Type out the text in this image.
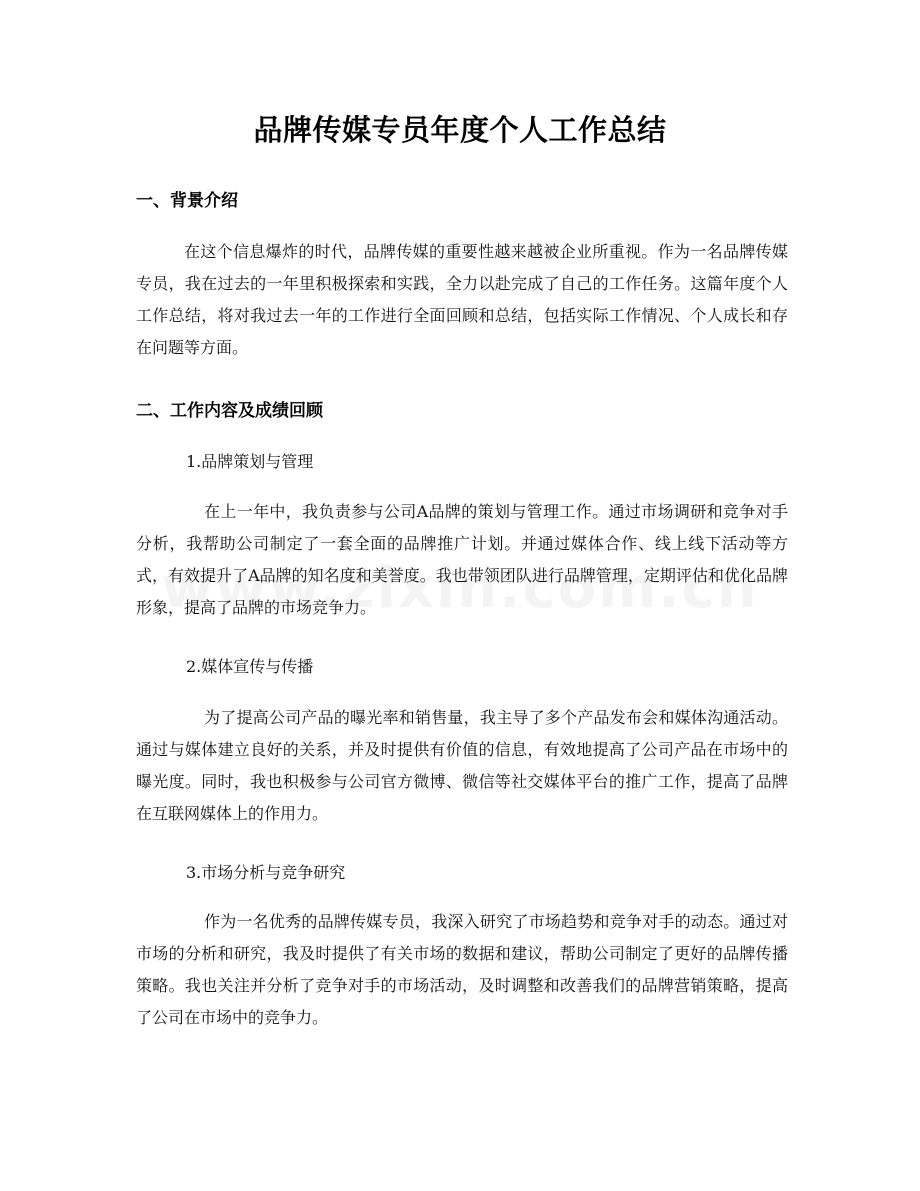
品牌传媒专员年度个人工作总结
一、背景介绍

在这个信息爆炸的时代，品牌传媒的重要性越来越被企业所重视。作为一名品牌传媒专员，我在过去的一年里积极探索和实践，全力以赴完成了自己的工作任务。这篇年度个人工作总结，将对我过去一年的工作进行全面回顾和总结，包括实际工作情况、个人成长和存在问题等方面。

二、工作内容及成绩回顾
1.品牌策划与管理

在上一年中，我负责参与公司A品牌的策划与管理工作。通过市场调研和竞争对手分析，我帮助公司制定了一套全面的品牌推广计划。并通过媒体合作、线上线下活动等方式，有效提升了A品牌的知名度和美誉度。我也带领团队进行品牌管理，定期评估和优化品牌形象，提高了品牌的市场竞争力。

2.媒体宣传与传播

为了提高公司产品的曝光率和销售量，我主导了多个产品发布会和媒体沟通活动。通过与媒体建立良好的关系，并及时提供有价值的信息，有效地提高了公司产品在市场中的曝光度。同时，我也积极参与公司官方微博、微信等社交媒体平台的推广工作，提高了品牌在互联网媒体上的作用力。

3.市场分析与竞争研究

作为一名优秀的品牌传媒专员，我深入研究了市场趋势和竞争对手的动态。通过对市场的分析和研究，我及时提供了有关市场的数据和建议，帮助公司制定了更好的品牌传播策略。我也关注并分析了竞争对手的市场活动，及时调整和改善我们的品牌营销策略，提高了公司在市场中的竞争力。
